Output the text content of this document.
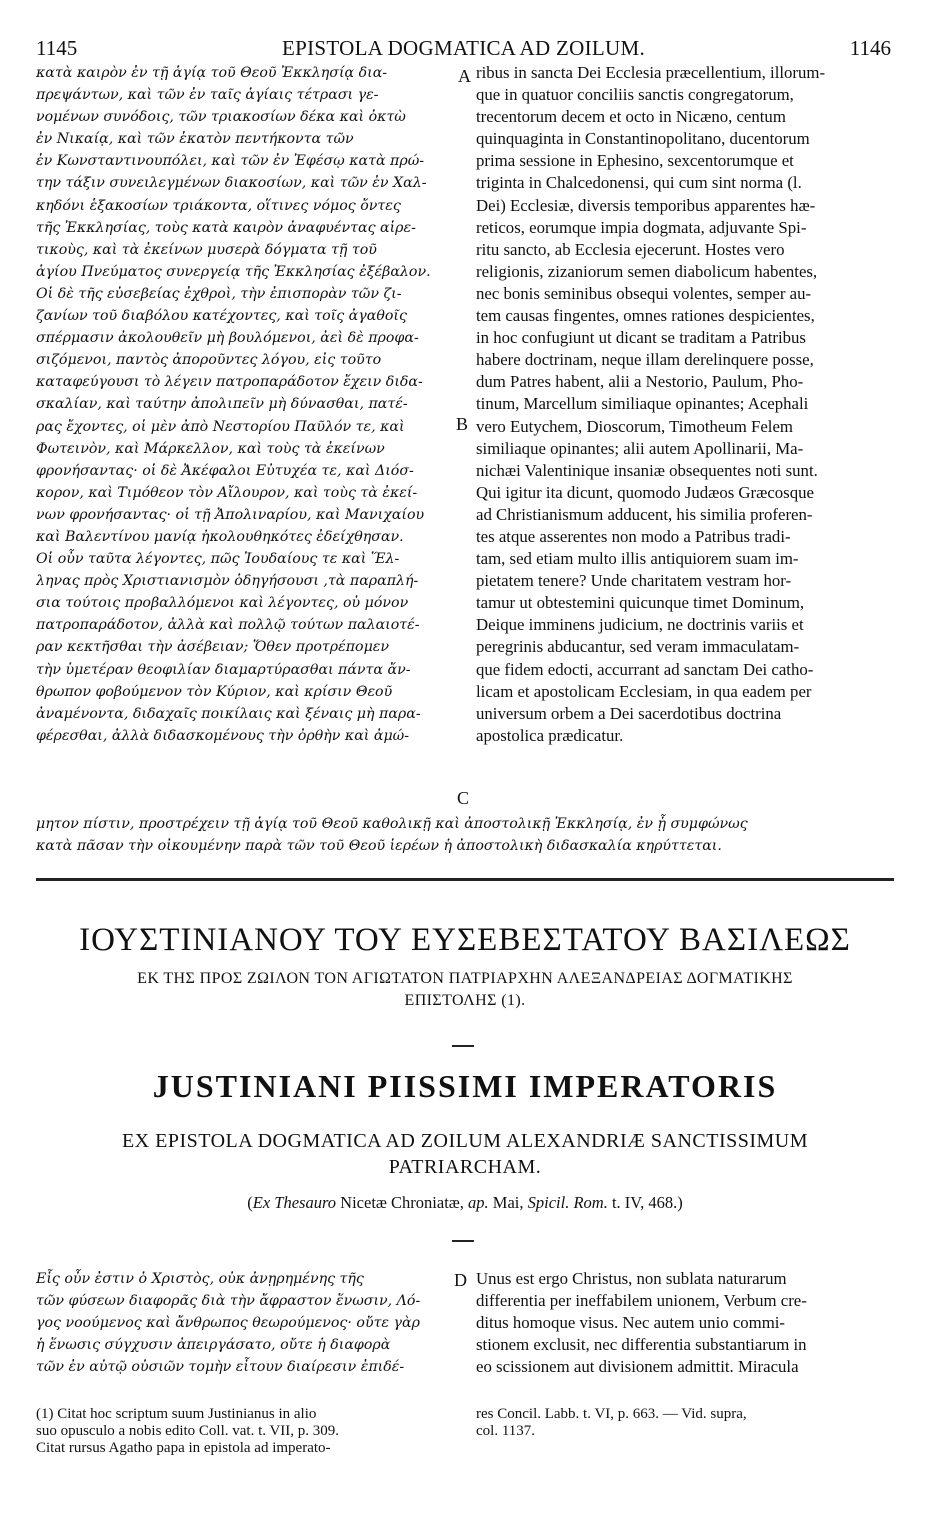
1145	EPISTOLA DOGMATICA AD ZOILUM.	1146
κατὰ καιρὸν ἐν τῇ ἁγίᾳ τοῦ Θεοῦ Ἐκκλησίᾳ δια-
πρεψάντων, καὶ τῶν ἐν ταῖς ἁγίαις τέτρασι γε-
νομένων συνόδοις, τῶν τριακοσίων δέκα καὶ ὀκτὼ
ἐν Νικαίᾳ, καὶ τῶν ἑκατὸν πεντήκοντα τῶν
ἐν Κωνσταντινουπόλει, καὶ τῶν ἐν Ἐφέσῳ κατὰ πρώ-
την τάξιν συνειλεγμένων διακοσίων, καὶ τῶν ἐν Χαλ-
κηδόνι ἑξακοσίων τριάκοντα, οἵτινες νόμος ὄντες
τῆς Ἐκκλησίας, τοὺς κατὰ καιρὸν ἀναφυέντας αἱρε-
τικοὺς, καὶ τὰ ἐκείνων μυσερὰ δόγματα τῇ τοῦ
ἁγίου Πνεύματος συνεργείᾳ τῆς Ἐκκλησίας ἐξέβαλον.
Οἱ δὲ τῆς εὐσεβείας ἐχθροὶ, τὴν ἐπισπορὰν τῶν ζι-
ζανίων τοῦ διαβόλου κατέχοντες, καὶ τοῖς ἀγαθοῖς
σπέρμασιν ἀκολουθεῖν μὴ βουλόμενοι, ἀεὶ δὲ προφα-
σιζόμενοι, παντὸς ἀποροῦντες λόγου, εἰς τοῦτο
καταφεύγουσι τὸ λέγειν πατροπαράδοτον ἔχειν διδα-
σκαλίαν, καὶ ταύτην ἀπολιπεῖν μὴ δύνασθαι, πατέ-
ρας ἔχοντες, οἱ μὲν ἀπὸ Νεστορίου Παῦλόν τε, καὶ
Φωτεινὸν, καὶ Μάρκελλον, καὶ τοὺς τὰ ἐκείνων
φρονήσαντας· οἱ δὲ Ἀκέφαλοι Εὐτυχέα τε, καὶ Διόσ-
κορον, καὶ Τιμόθεον τὸν Αἴλουρον, καὶ τοὺς τὰ ἐκεί-
νων φρονήσαντας· οἱ τῇ Ἀπολιναρίου, καὶ Μανιχαίου
καὶ Βαλεντίνου μανίᾳ ἠκολουθηκότες ἐδείχθησαν.
Οἱ οὖν ταῦτα λέγοντες, πῶς Ἰουδαίους τε καὶ Ἕλ-
ληνας πρὸς Χριστιανισμὸν ὁδηγήσουσι ,τὰ παραπλή-
σια τούτοις προβαλλόμενοι καὶ λέγοντες, οὐ μόνον
πατροπαράδοτον, ἀλλὰ καὶ πολλῷ τούτων παλαιοτέ-
ραν κεκτῆσθαι τὴν ἀσέβειαν; Ὅθεν προτρέπομεν
τὴν ὑμετέραν θεοφιλίαν διαμαρτύρασθαι πάντα ἄν-
θρωπον φοβούμενον τὸν Κύριον, καὶ κρίσιν Θεοῦ
ἀναμένοντα, διδαχαῖς ποικίλαις καὶ ξέναις μὴ παρα-
φέρεσθαι, ἀλλὰ διδασκομένους τὴν ὀρθὴν καὶ ἀμώ-
ribus in sancta Dei Ecclesia præcellentium, illorum-
que in quatuor conciliis sanctis congregatorum,
trecentorum decem et octo in Nicæno, centum
quinquaginta in Constantinopolitano, ducentorum
prima sessione in Ephesino, sexcentorumque et
triginta in Chalcedonensi, qui cum sint norma (l.
Dei) Ecclesiæ, diversis temporibus apparentes hæ-
reticos, eorumque impia dogmata, adjuvante Spi-
ritu sancto, ab Ecclesia ejecerunt. Hostes vero
religionis, zizaniorum semen diabolicum habentes,
nec bonis seminibus obsequi volentes, semper au-
tem causas fingentes, omnes rationes despicientes,
in hoc confugiunt ut dicant se traditam a Patribus
habere doctrinam, neque illam derelinquere posse,
dum Patres habent, alii a Nestorio, Paulum, Pho-
tinum, Marcellum similiaque opinantes; Acephali
vero Eutychem, Dioscorum, Timotheum Felem
similiaque opinantes; alii autem Apollinarii, Ma-
nichæi Valentinique insaniæ obsequentes noti sunt.
Qui igitur ita dicunt, quomodo Judæos Græcosque
ad Christianismum adducent, his similia proferen-
tes atque asserentes non modo a Patribus tradi-
tam, sed etiam multo illis antiquiorem suam im-
pietatem tenere? Unde charitatem vestram hor-
tamur ut obtestemini quicunque timet Dominum,
Deique imminens judicium, ne doctrinis variis et
peregrinis abducantur, sed veram immaculatam-
que fidem edocti, accurrant ad sanctam Dei catho-
licam et apostolicam Ecclesiam, in qua eadem per
universum orbem a Dei sacerdotibus doctrina
apostolica prædicatur.
A
B
C
μητον πίστιν, προστρέχειν τῇ ἁγίᾳ τοῦ Θεοῦ καθολικῇ καὶ ἀποστολικῇ Ἐκκλησίᾳ, ἐν ᾗ συμφώνως
κατὰ πᾶσαν τὴν οἰκουμένην παρὰ τῶν τοῦ Θεοῦ ἱερέων ἡ ἀποστολικὴ διδασκαλία κηρύττεται.
ΙΟΥΣΤΙΝΙΑΝΟΥ ΤΟΥ ΕΥΣΕΒΕΣΤΑΤΟΥ ΒΑΣΙΛΕΩΣ
ΕΚ ΤΗΣ ΠΡΟΣ ΖΩΙΛΟΝ ΤΟΝ ΑΓΙΩΤΑΤΟΝ ΠΑΤΡΙΑΡΧΗΝ ΑΛΕΞΑΝΔΡΕΙΑΣ ΔΟΓΜΑΤΙΚΗΣ
ΕΠΙΣΤΟΛΗΣ (1).
JUSTINIANI PIISSIMI IMPERATORIS
EX EPISTOLA DOGMATICA AD ZOILUM ALEXANDRIÆ SANCTISSIMUM
PATRIARCHAM.
(Ex Thesauro Nicetæ Chroniatæ, ap. Mai, Spicil. Rom. t. IV, 468.)
Εἷς οὖν ἐστιν ὁ Χριστὸς, οὐκ ἀνῃρημένης τῆς
τῶν φύσεων διαφορᾶς διὰ τὴν ἄφραστον ἕνωσιν, Λό-
γος νοούμενος καὶ ἄνθρωπος θεωρούμενος· οὔτε γὰρ
ἡ ἕνωσις σύγχυσιν ἀπειργάσατο, οὔτε ἡ διαφορὰ
τῶν ἐν αὐτῷ οὐσιῶν τομὴν εἶτουν διαίρεσιν ἐπιδέ-
Unus est ergo Christus, non sublata naturarum
differentia per ineffabilem unionem, Verbum cre-
ditus homoque visus. Nec autem unio commi-
stionem exclusit, nec differentia substantiarum in
eo scissionem aut divisionem admittit. Miracula
D
(1) Citat hoc scriptum suum Justinianus in alio
suo opusculo a nobis edito Coll. vat. t. VII, p. 309.
Citat rursus Agatho papa in epistola ad imperato-
res Concil. Labb. t. VI, p. 663. — Vid. supra,
col. 1137.
